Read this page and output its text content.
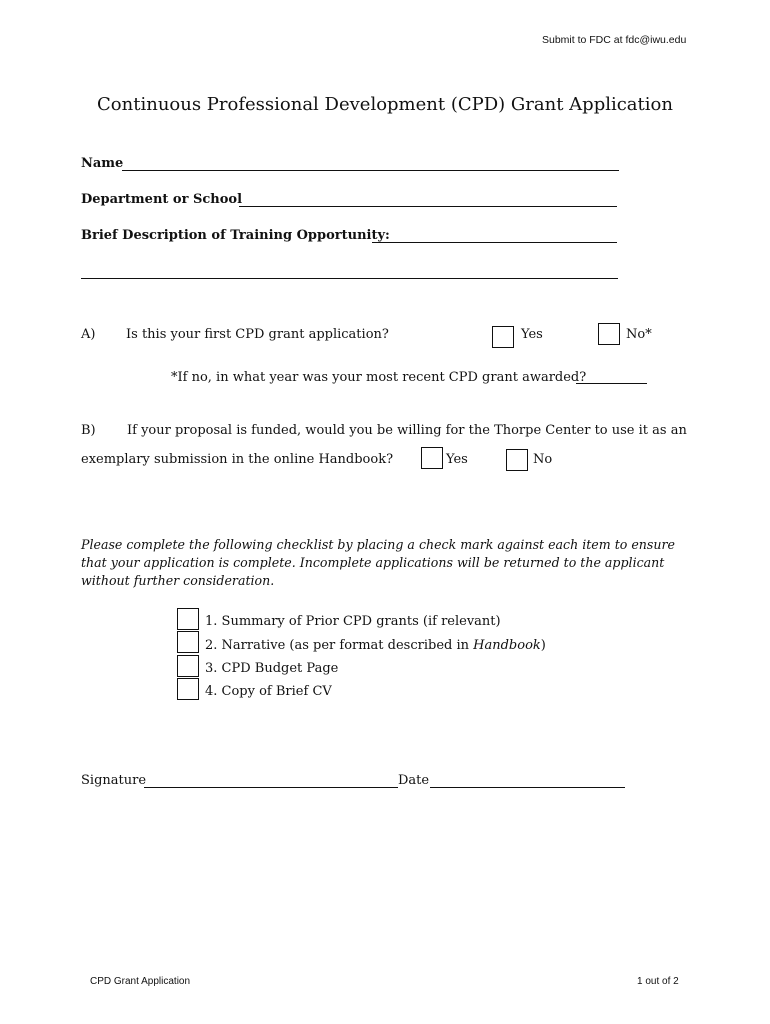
Submit to FDC at fdc@iwu.edu
Continuous Professional Development (CPD) Grant Application
Name
Department or School
Brief Description of Training Opportunity:
A) Is this your first CPD grant application?	Yes	No*
*If no, in what year was your most recent CPD grant awarded?
B) If your proposal is funded, would you be willing for the Thorpe Center to use it as an
exemplary submission in the online Handbook?	Yes	No
Please complete the following checklist by placing a check mark against each item to ensure that your application is complete. Incomplete applications will be returned to the applicant without further consideration.
1. Summary of Prior CPD grants (if relevant)
2. Narrative (as per format described in Handbook)
3. CPD Budget Page
4. Copy of Brief CV
Signature	Date
CPD Grant Application	1 out of 2
